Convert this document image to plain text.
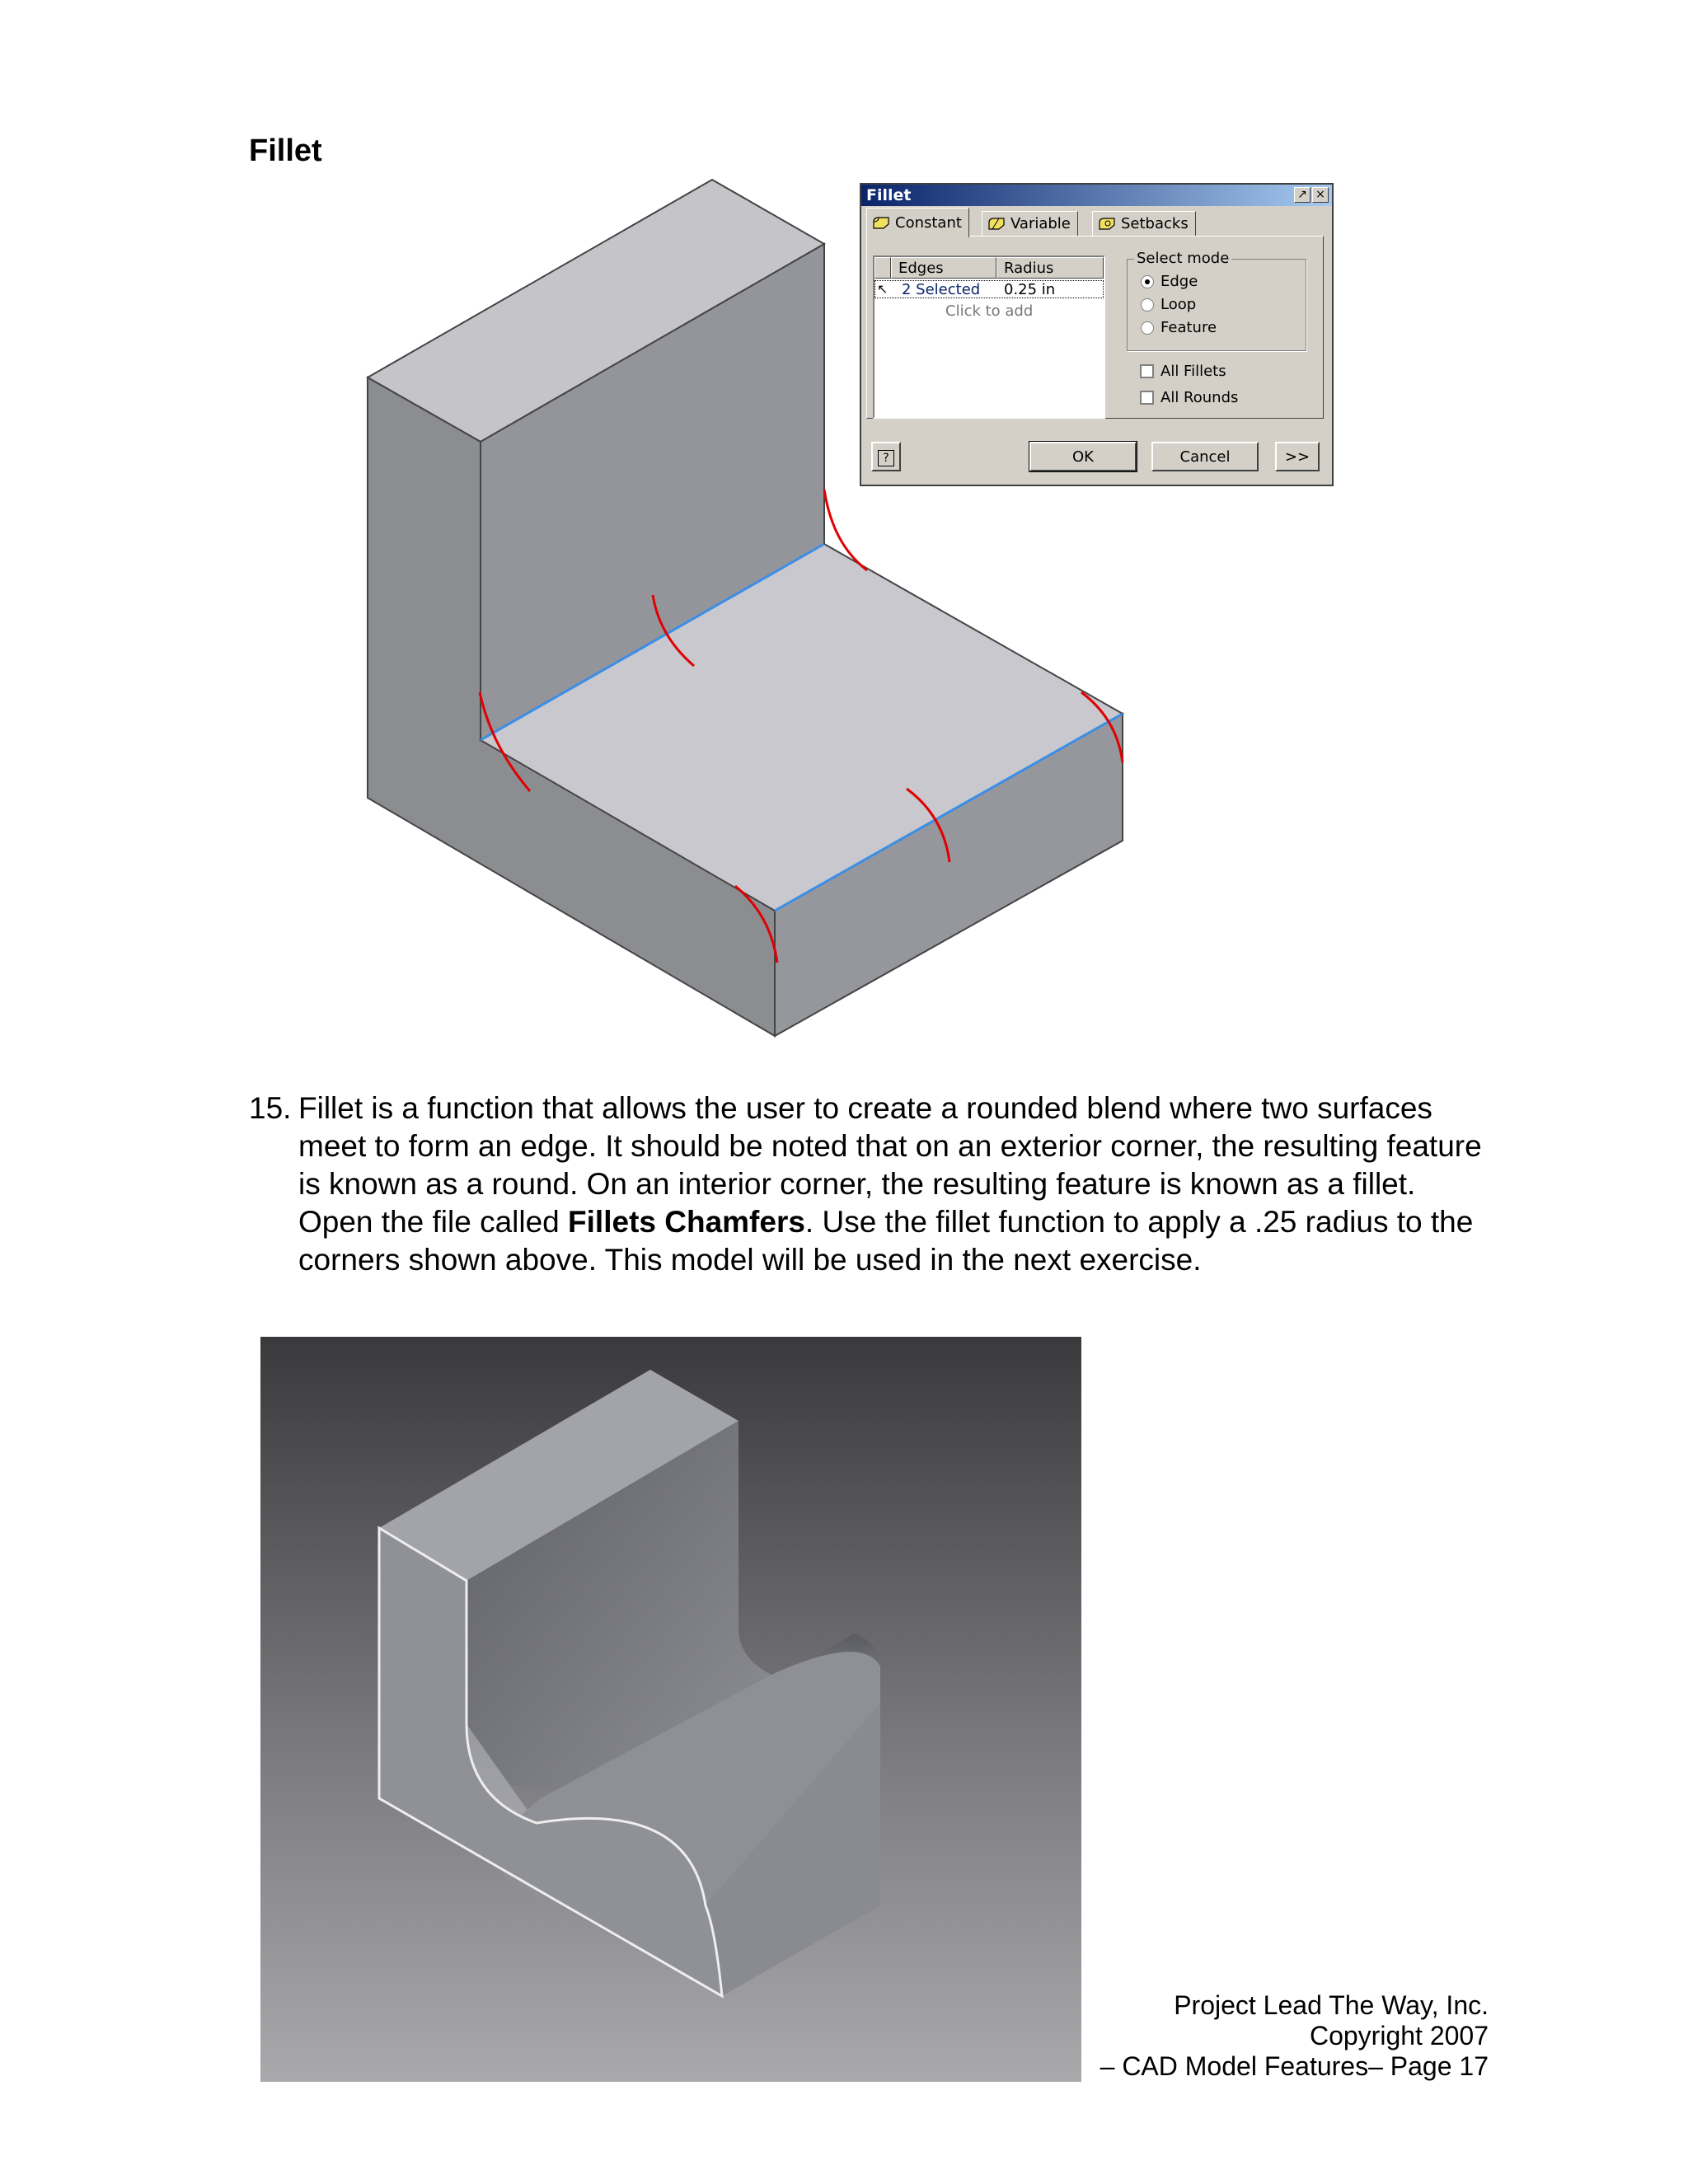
Fillet
Fillet	↗ ×
Constant	Variable	Setbacks
Edges	Radius
↖ 2 Selected 0.25 in
Click to add
Select mode
Edge
Loop
Feature
All Fillets
All Rounds
?	OK	Cancel	>>
15. Fillet is a function that allows the user to create a rounded blend where two surfaces meet to form an edge. It should be noted that on an exterior corner, the resulting feature is known as a round. On an interior corner, the resulting feature is known as a fillet. Open the file called Fillets Chamfers. Use the fillet function to apply a .25 radius to the corners shown above. This model will be used in the next exercise.
Project Lead The Way, Inc.
Copyright 2007
– CAD Model Features– Page 17
